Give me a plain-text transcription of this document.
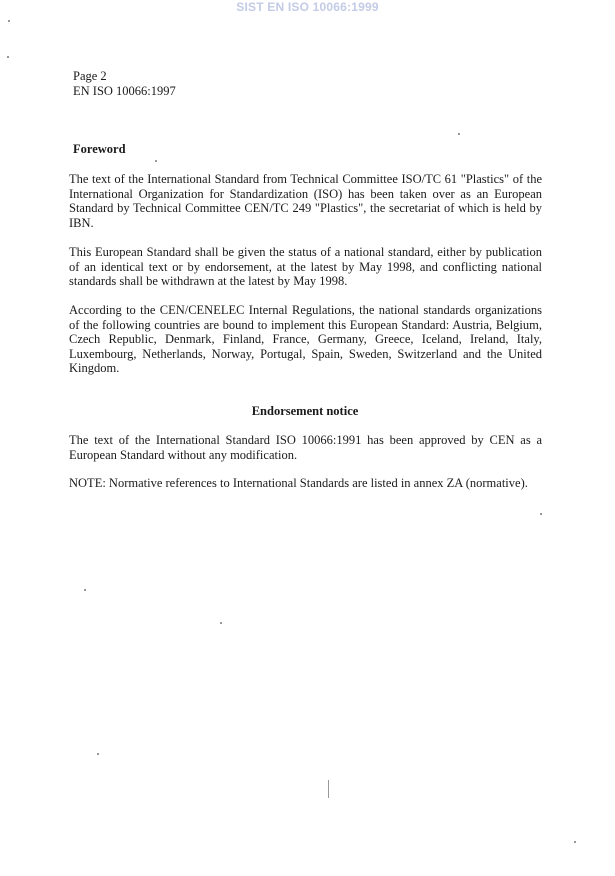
SIST EN ISO 10066:1999
Page 2
EN ISO 10066:1997
Foreword

The text of the International Standard from Technical Committee ISO/TC 61 "Plastics" of the International Organization for Standardization (ISO) has been taken over as an European Standard by Technical Committee CEN/TC 249 "Plastics", the secretariat of which is held by IBN.

This European Standard shall be given the status of a national standard, either by publication of an identical text or by endorsement, at the latest by May 1998, and conflicting national standards shall be withdrawn at the latest by May 1998.

According to the CEN/CENELEC Internal Regulations, the national standards organizations of the following countries are bound to implement this European Standard: Austria, Belgium, Czech Republic, Denmark, Finland, France, Germany, Greece, Iceland, Ireland, Italy, Luxembourg, Netherlands, Norway, Portugal, Spain, Sweden, Switzerland and the United Kingdom.

Endorsement notice

The text of the International Standard ISO 10066:1991 has been approved by CEN as a European Standard without any modification.

NOTE: Normative references to International Standards are listed in annex ZA (normative).
